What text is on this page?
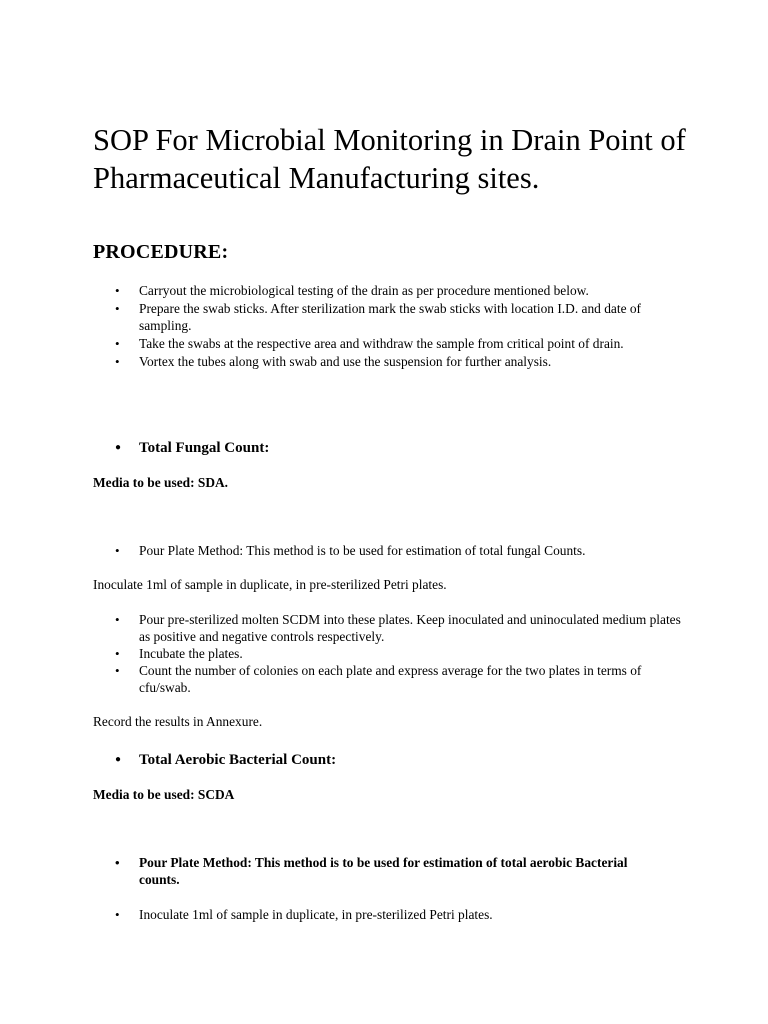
SOP For Microbial Monitoring in Drain Point of Pharmaceutical Manufacturing sites.
PROCEDURE:
• Carryout the microbiological testing of the drain as per procedure mentioned below.
• Prepare the swab sticks. After sterilization mark the swab sticks with location I.D. and date of sampling.
• Take the swabs at the respective area and withdraw the sample from critical point of drain.
• Vortex the tubes along with swab and use the suspension for further analysis.
● Total Fungal Count:
Media to be used: SDA.
• Pour Plate Method: This method is to be used for estimation of total fungal Counts.

Inoculate 1ml of sample in duplicate, in pre-sterilized Petri plates.

• Pour pre-sterilized molten SCDM into these plates. Keep inoculated and uninoculated medium plates as positive and negative controls respectively.
• Incubate the plates.
• Count the number of colonies on each plate and express average for the two plates in terms of cfu/swab.

Record the results in Annexure.

● Total Aerobic Bacterial Count:
Media to be used: SCDA
• Pour Plate Method: This method is to be used for estimation of total aerobic Bacterial counts.
• Inoculate 1ml of sample in duplicate, in pre-sterilized Petri plates.
